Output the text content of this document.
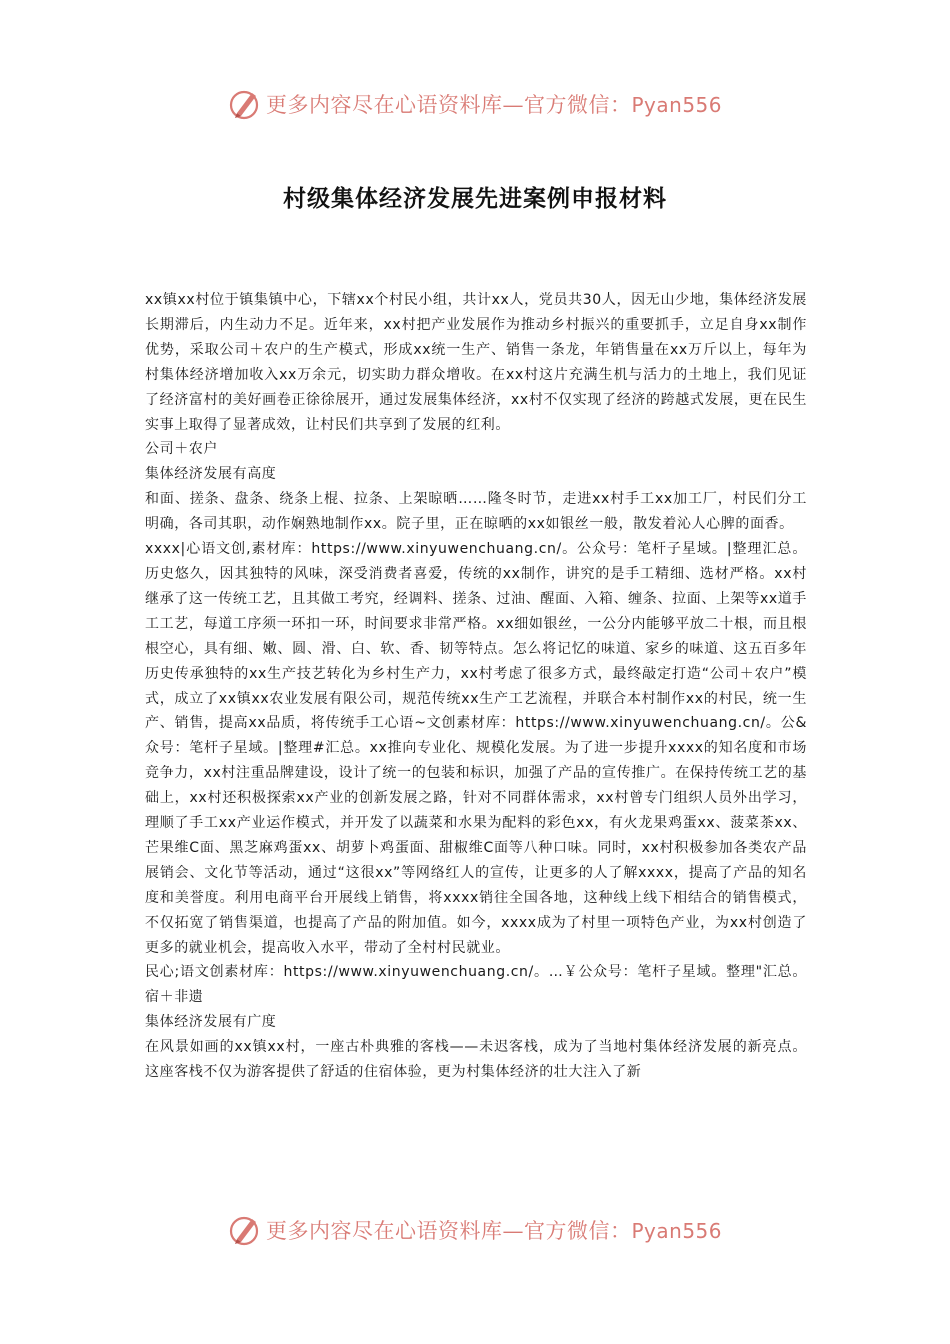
更多内容尽在心语资料库—官方微信：Pyan556
村级集体经济发展先进案例申报材料

xx镇xx村位于镇集镇中心，下辖xx个村民小组，共计xx人，党员共30人，因无山少地，集体经济发展长期滞后，内生动力不足。近年来，xx村把产业发展作为推动乡村振兴的重要抓手，立足自身xx制作优势，采取公司＋农户的生产模式，形成xx统一生产、销售一条龙，年销售量在xx万斤以上，每年为村集体经济增加收入xx万余元，切实助力群众增收。在xx村这片充满生机与活力的土地上，我们见证了经济富村的美好画卷正徐徐展开，通过发展集体经济，xx村不仅实现了经济的跨越式发展，更在民生实事上取得了显著成效，让村民们共享到了发展的红利。

公司＋农户

集体经济发展有高度

和面、搓条、盘条、绕条上棍、拉条、上架晾晒……隆冬时节，走进xx村手工xx加工厂，村民们分工明确，各司其职，动作娴熟地制作xx。院子里，正在晾晒的xx如银丝一般，散发着沁人心脾的面香。

xxxx|心语文创,素材库：https://www.xinyuwenchuang.cn/。公众号：笔杆子星域。|整理汇总。历史悠久，因其独特的风味，深受消费者喜爱，传统的xx制作，讲究的是手工精细、选材严格。xx村继承了这一传统工艺，且其做工考究，经调料、搓条、过油、醒面、入箱、缠条、拉面、上架等xx道手工工艺，每道工序须一环扣一环，时间要求非常严格。xx细如银丝，一公分内能够平放二十根，而且根根空心，具有细、嫩、圆、滑、白、软、香、韧等特点。怎么将记忆的味道、家乡的味道、这五百多年历史传承独特的xx生产技艺转化为乡村生产力，xx村考虑了很多方式，最终敲定打造“公司＋农户”模式，成立了xx镇xx农业发展有限公司，规范传统xx生产工艺流程，并联合本村制作xx的村民，统一生产、销售，提高xx品质，将传统手工心语~文创素材库：https://www.xinyuwenchuang.cn/。公&众号：笔杆子星域。|整理#汇总。xx推向专业化、规模化发展。为了进一步提升xxxx的知名度和市场竞争力，xx村注重品牌建设，设计了统一的包装和标识，加强了产品的宣传推广。在保持传统工艺的基础上，xx村还积极探索xx产业的创新发展之路，针对不同群体需求，xx村曾专门组织人员外出学习，理顺了手工xx产业运作模式，并开发了以蔬菜和水果为配料的彩色xx，有火龙果鸡蛋xx、菠菜茶xx、芒果维C面、黑芝麻鸡蛋xx、胡萝卜鸡蛋面、甜椒维C面等八种口味。同时，xx村积极参加各类农产品展销会、文化节等活动，通过“这很xx”等网络红人的宣传，让更多的人了解xxxx，提高了产品的知名度和美誉度。利用电商平台开展线上销售，将xxxx销往全国各地，这种线上线下相结合的销售模式，不仅拓宽了销售渠道，也提高了产品的附加值。如今，xxxx成为了村里一项特色产业，为xx村创造了更多的就业机会，提高收入水平，带动了全村村民就业。

民心;语文创素材库：https://www.xinyuwenchuang.cn/。…￥公众号：笔杆子星域。整理"汇总。宿＋非遗

集体经济发展有广度

在风景如画的xx镇xx村，一座古朴典雅的客栈——未迟客栈，成为了当地村集体经济发展的新亮点。这座客栈不仅为游客提供了舒适的住宿体验，更为村集体经济的壮大注入了新

更多内容尽在心语资料库—官方微信：Pyan556
